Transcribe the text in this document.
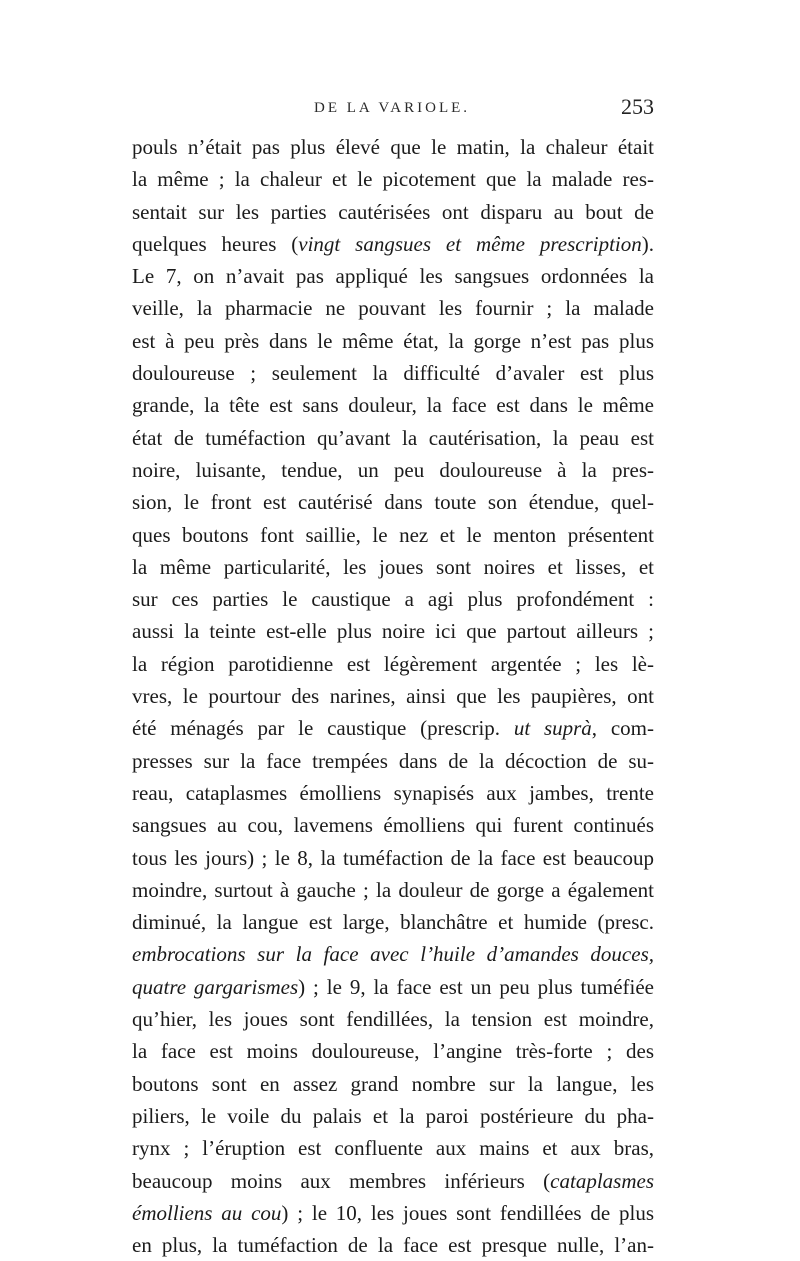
DE LA VARIOLE.	253
pouls n’était pas plus élevé que le matin, la chaleur était
la même ; la chaleur et le picotement que la malade res-
sentait sur les parties cautérisées ont disparu au bout de
quelques heures (vingt sangsues et même prescription).
Le 7, on n’avait pas appliqué les sangsues ordonnées la
veille, la pharmacie ne pouvant les fournir ; la malade
est à peu près dans le même état, la gorge n’est pas plus
douloureuse ; seulement la difficulté d’avaler est plus
grande, la tête est sans douleur, la face est dans le même
état de tuméfaction qu’avant la cautérisation, la peau est
noire, luisante, tendue, un peu douloureuse à la pres-
sion, le front est cautérisé dans toute son étendue, quel-
ques boutons font saillie, le nez et le menton présentent
la même particularité, les joues sont noires et lisses, et
sur ces parties le caustique a agi plus profondément :
aussi la teinte est-elle plus noire ici que partout ailleurs ;
la région parotidienne est légèrement argentée ; les lè-
vres, le pourtour des narines, ainsi que les paupières, ont
été ménagés par le caustique (prescrip. ut suprà, com-
presses sur la face trempées dans de la décoction de su-
reau, cataplasmes émolliens synapisés aux jambes, trente
sangsues au cou, lavemens émolliens qui furent continués
tous les jours) ; le 8, la tuméfaction de la face est beaucoup
moindre, surtout à gauche ; la douleur de gorge a également
diminué, la langue est large, blanchâtre et humide (presc.
embrocations sur la face avec l’huile d’amandes douces,
quatre gargarismes) ; le 9, la face est un peu plus tuméfiée
qu’hier, les joues sont fendillées, la tension est moindre,
la face est moins douloureuse, l’angine très-forte ; des
boutons sont en assez grand nombre sur la langue, les
piliers, le voile du palais et la paroi postérieure du pha-
rynx ; l’éruption est confluente aux mains et aux bras,
beaucoup moins aux membres inférieurs (cataplasmes
émolliens au cou) ; le 10, les joues sont fendillées de plus
en plus, la tuméfaction de la face est presque nulle, l’an-
